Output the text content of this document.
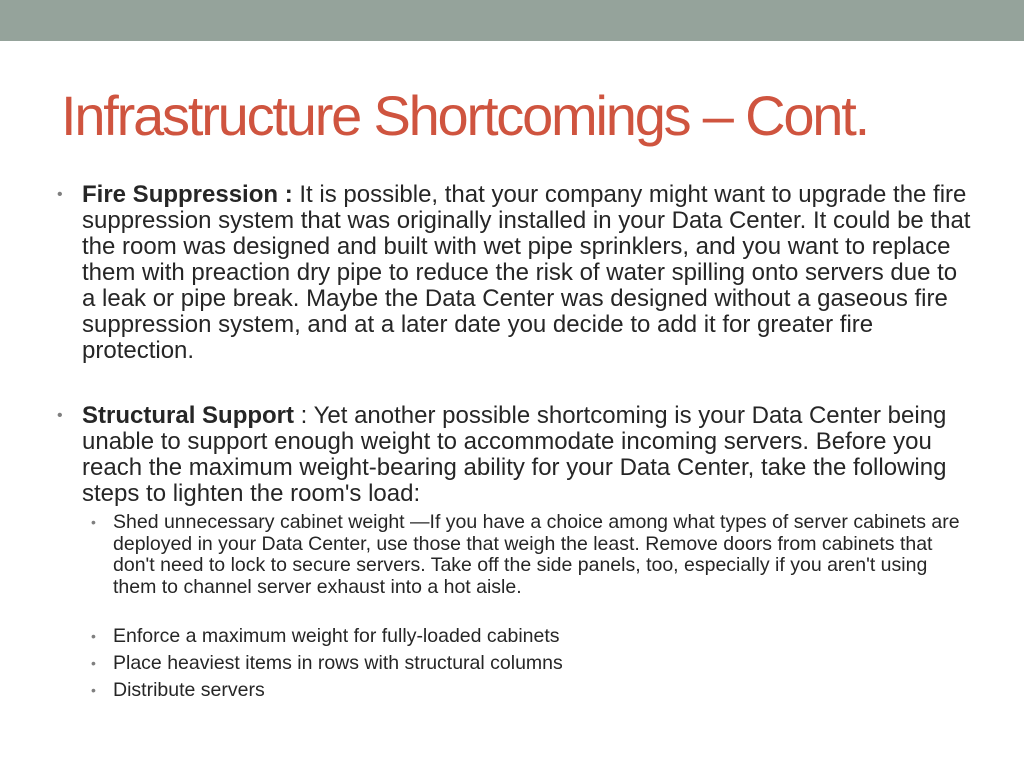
Infrastructure Shortcomings – Cont.
• Fire Suppression : It is possible, that your company might want to upgrade the fire suppression system that was originally installed in your Data Center. It could be that the room was designed and built with wet pipe sprinklers, and you want to replace them with preaction dry pipe to reduce the risk of water spilling onto servers due to a leak or pipe break. Maybe the Data Center was designed without a gaseous fire suppression system, and at a later date you decide to add it for greater fire protection.
• Structural Support : Yet another possible shortcoming is your Data Center being unable to support enough weight to accommodate incoming servers. Before you reach the maximum weight-bearing ability for your Data Center, take the following steps to lighten the room's load:
• Shed unnecessary cabinet weight —If you have a choice among what types of server cabinets are deployed in your Data Center, use those that weigh the least. Remove doors from cabinets that don't need to lock to secure servers. Take off the side panels, too, especially if you aren't using them to channel server exhaust into a hot aisle.
• Enforce a maximum weight for fully-loaded cabinets
• Place heaviest items in rows with structural columns
• Distribute servers
